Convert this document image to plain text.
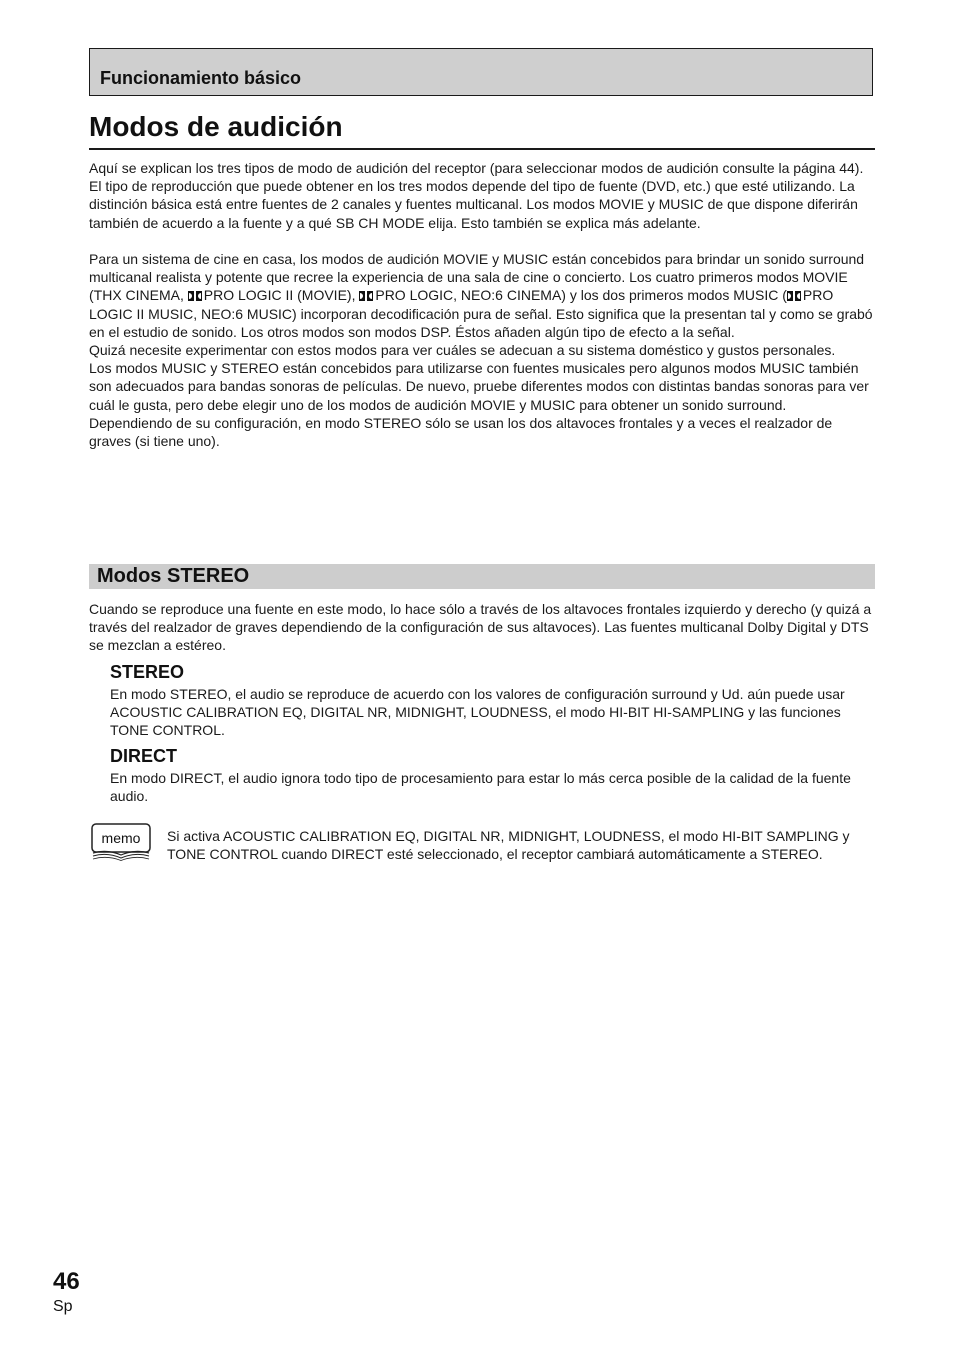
Funcionamiento básico
Modos de audición

Aquí se explican los tres tipos de modo de audición del receptor (para seleccionar modos de audición consulte la página 44).

El tipo de reproducción que puede obtener en los tres modos depende del tipo de fuente (DVD, etc.) que esté utilizando. La distinción básica está entre fuentes de 2 canales y fuentes multicanal. Los modos MOVIE y MUSIC de que dispone diferirán también de acuerdo a la fuente y a qué SB CH MODE elija. Esto también se explica más adelante.

Para un sistema de cine en casa, los modos de audición MOVIE y MUSIC están concebidos para brindar un sonido surround multicanal realista y potente que recree la experiencia de una sala de cine o concierto. Los cuatro primeros modos MOVIE (THX CINEMA, PRO LOGIC II (MOVIE), PRO LOGIC, NEO:6 CINEMA) y los dos primeros modos MUSIC ( PRO LOGIC II MUSIC, NEO:6 MUSIC) incorporan decodificación pura de señal. Esto significa que la presentan tal y como se grabó en el estudio de sonido. Los otros modos son modos DSP. Éstos añaden algún tipo de efecto a la señal.

Quizá necesite experimentar con estos modos para ver cuáles se adecuan a su sistema doméstico y gustos personales.

Los modos MUSIC y STEREO están concebidos para utilizarse con fuentes musicales pero algunos modos MUSIC también son adecuados para bandas sonoras de películas. De nuevo, pruebe diferentes modos con distintas bandas sonoras para ver cuál le gusta, pero debe elegir uno de los modos de audición MOVIE y MUSIC para obtener un sonido surround.

Dependiendo de su configuración, en modo STEREO sólo se usan los dos altavoces frontales y a veces el realzador de graves (si tiene uno).

Modos STEREO
Cuando se reproduce una fuente en este modo, lo hace sólo a través de los altavoces frontales izquierdo y derecho (y quizá a través del realzador de graves dependiendo de la configuración de sus altavoces). Las fuentes multicanal Dolby Digital y DTS se mezclan a estéreo.
STEREO
En modo STEREO, el audio se reproduce de acuerdo con los valores de configuración surround y Ud. aún puede usar ACOUSTIC CALIBRATION EQ, DIGITAL NR, MIDNIGHT, LOUDNESS, el modo HI-BIT HI-SAMPLING y las funciones TONE CONTROL.
DIRECT
En modo DIRECT, el audio ignora todo tipo de procesamiento para estar lo más cerca posible de la calidad de la fuente audio.
memo Si activa ACOUSTIC CALIBRATION EQ, DIGITAL NR, MIDNIGHT, LOUDNESS, el modo HI-BIT SAMPLING y TONE CONTROL cuando DIRECT esté seleccionado, el receptor cambiará automáticamente a STEREO.
46
Sp
